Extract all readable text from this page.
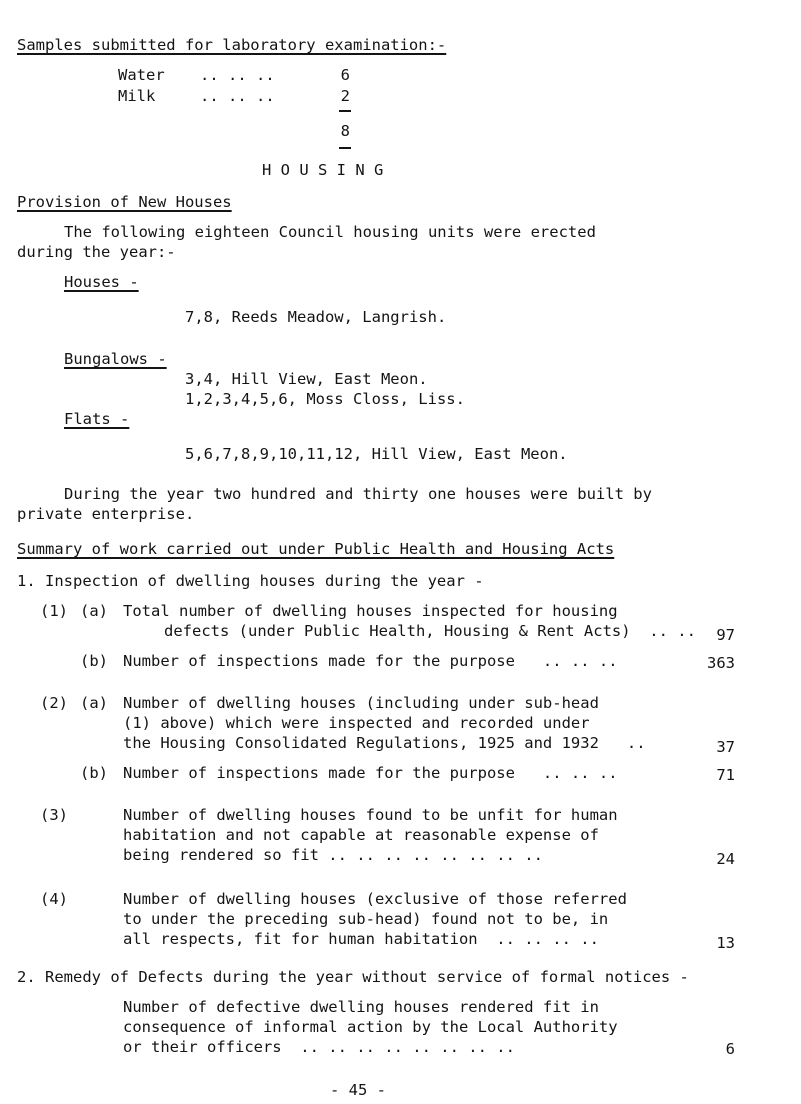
Samples submitted for laboratory examination:-
Water .. .. ..	6
Milk	.. .. ..	2
8
H O U S I N G
Provision of New Houses
The following eighteen Council housing units were erected
during the year:-
Houses -
7,8, Reeds Meadow, Langrish.
Bungalows -
3,4, Hill View, East Meon.
1,2,3,4,5,6, Moss Closs, Liss.
Flats -
5,6,7,8,9,10,11,12, Hill View, East Meon.
During the year two hundred and thirty one houses were built by
private enterprise.
Summary of work carried out under Public Health and Housing Acts
1. Inspection of dwelling houses during the year -
(1) (a) Total number of dwelling houses inspected for housing
defects (under Public Health, Housing & Rent Acts)  .. ..	97
(b) Number of inspections made for the purpose   .. .. ..	363
(2) (a) Number of dwelling houses (including under sub-head
(1) above) which were inspected and recorded under
the Housing Consolidated Regulations, 1925 and 1932   ..	37
(b) Number of inspections made for the purpose   .. .. ..	71
(3)	Number of dwelling houses found to be unfit for human
habitation and not capable at reasonable expense of
being rendered so fit .. .. .. .. .. .. .. ..	24
(4)	Number of dwelling houses (exclusive of those referred
to under the preceding sub-head) found not to be, in
all respects, fit for human habitation  .. .. .. ..	13
2. Remedy of Defects during the year without service of formal notices -
Number of defective dwelling houses rendered fit in
consequence of informal action by the Local Authority
or their officers  .. .. .. .. .. .. .. ..	6
- 45 -
